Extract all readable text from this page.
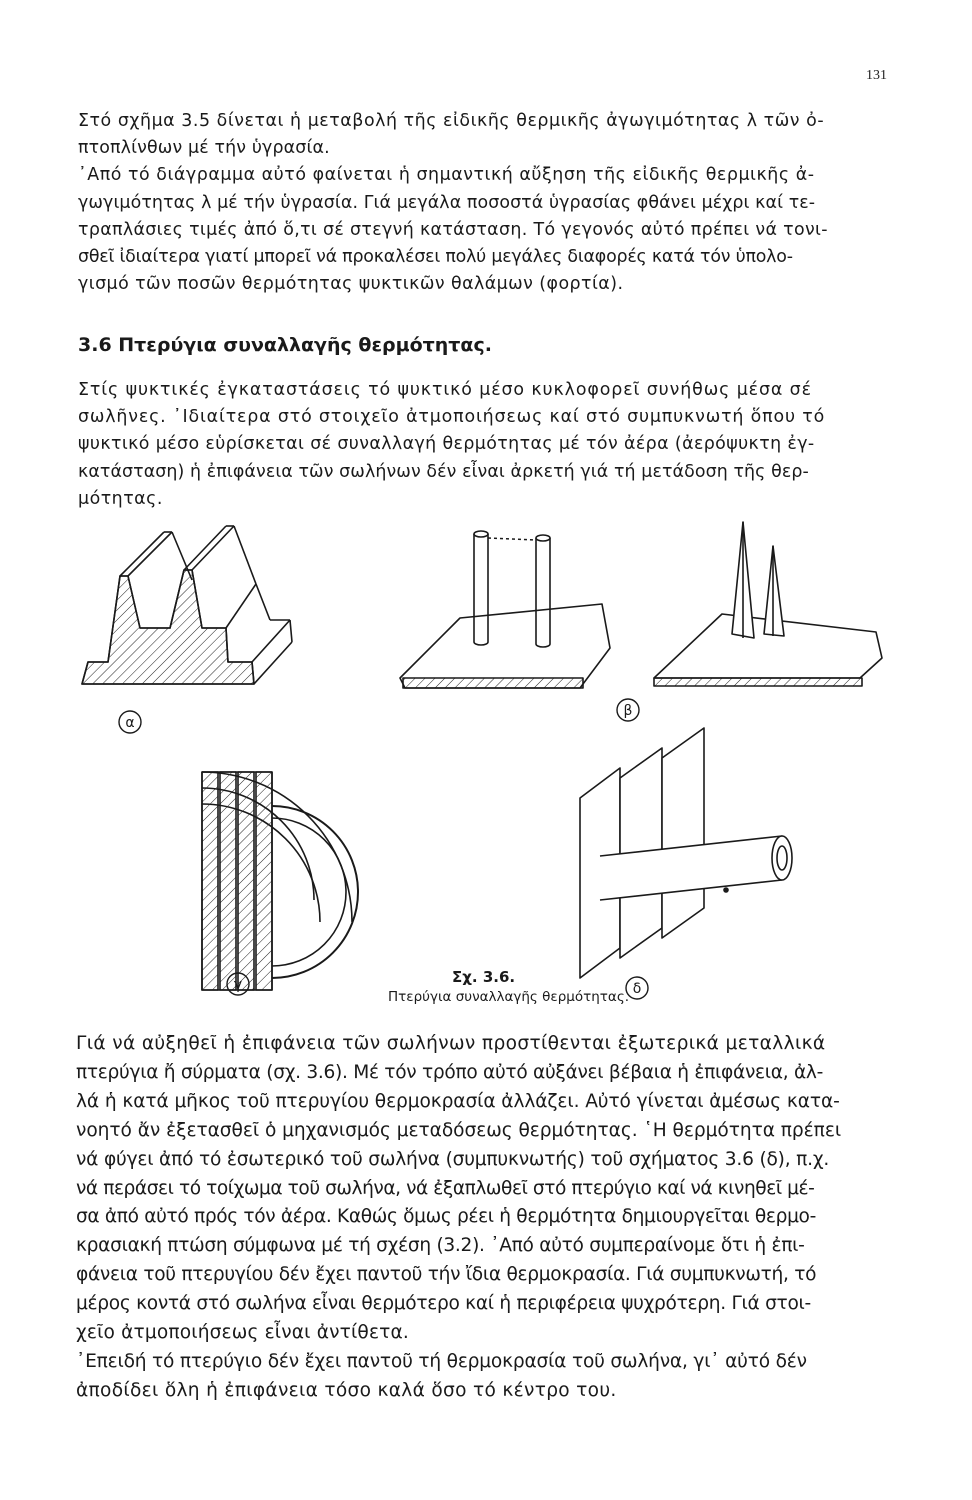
131

Στό σχῆμα 3.5 δίνεται ἡ μεταβολή τῆς εἰδικῆς θερμικῆς ἀγωγιμότητας λ τῶν ὀ-
πτοπλίνθων μέ τήν ὑγρασία.
᾿Από τό διάγραμμα αὐτό φαίνεται ἡ σημαντική αὔξηση τῆς εἰδικῆς θερμικῆς ἀ-
γωγιμότητας λ μέ τήν ὑγρασία. Γιά μεγάλα ποσοστά ὑγρασίας φθάνει μέχρι καί τε-
τραπλάσιες τιμές ἀπό ὅ,τι σέ στεγνή κατάσταση. Τό γεγονός αὐτό πρέπει νά τονι-
σθεῖ ἰδιαίτερα γιατί μπορεῖ νά προκαλέσει πολύ μεγάλες διαφορές κατά τόν ὑπολο-
γισμό τῶν ποσῶν θερμότητας ψυκτικῶν θαλάμων (φορτία).

3.6 Πτερύγια συναλλαγῆς θερμότητας.

Στίς ψυκτικές ἐγκαταστάσεις τό ψυκτικό μέσο κυκλοφορεῖ συνήθως μέσα σέ
σωλῆνες. ᾿Ιδιαίτερα στό στοιχεῖο ἀτμοποιήσεως καί στό συμπυκνωτή ὅπου τό
ψυκτικό μέσο εὑρίσκεται σέ συναλλαγή θερμότητας μέ τόν ἀέρα (ἀερόψυκτη ἐγ-
κατάσταση) ἡ ἐπιφάνεια τῶν σωλήνων δέν εἶναι ἀρκετή γιά τή μετάδοση τῆς θερ-
μότητας.

α
β
γ	δ
Σχ. 3.6.
Πτερύγια συναλλαγῆς θερμότητας.

Γιά νά αὐξηθεῖ ἡ ἐπιφάνεια τῶν σωλήνων προστίθενται ἐξωτερικά μεταλλικά
πτερύγια ἤ σύρματα (σχ. 3.6). Μέ τόν τρόπο αὐτό αὐξάνει βέβαια ἡ ἐπιφάνεια, ἀλ-
λά ἡ κατά μῆκος τοῦ πτερυγίου θερμοκρασία ἀλλάζει. Αὐτό γίνεται ἀμέσως κατα-
νοητό ἄν ἐξετασθεῖ ὁ μηχανισμός μεταδόσεως θερμότητας. ῾Η θερμότητα πρέπει
νά φύγει ἀπό τό ἐσωτερικό τοῦ σωλήνα (συμπυκνωτής) τοῦ σχήματος 3.6 (δ), π.χ.
νά περάσει τό τοίχωμα τοῦ σωλήνα, νά ἐξαπλωθεῖ στό πτερύγιο καί νά κινηθεῖ μέ-
σα ἀπό αὐτό πρός τόν ἀέρα. Καθώς ὅμως ρέει ἡ θερμότητα δημιουργεῖται θερμο-
κρασιακή πτώση σύμφωνα μέ τή σχέση (3.2). ᾿Από αὐτό συμπεραίνομε ὅτι ἡ ἐπι-
φάνεια τοῦ πτερυγίου δέν ἔχει παντοῦ τήν ἴδια θερμοκρασία. Γιά συμπυκνωτή, τό
μέρος κοντά στό σωλήνα εἶναι θερμότερο καί ἡ περιφέρεια ψυχρότερη. Γιά στοι-
χεῖο ἀτμοποιήσεως εἶναι ἀντίθετα.
᾿Επειδή τό πτερύγιο δέν ἔχει παντοῦ τή θερμοκρασία τοῦ σωλήνα, γι᾿ αὐτό δέν
ἀποδίδει ὅλη ἡ ἐπιφάνεια τόσο καλά ὅσο τό κέντρο του.
